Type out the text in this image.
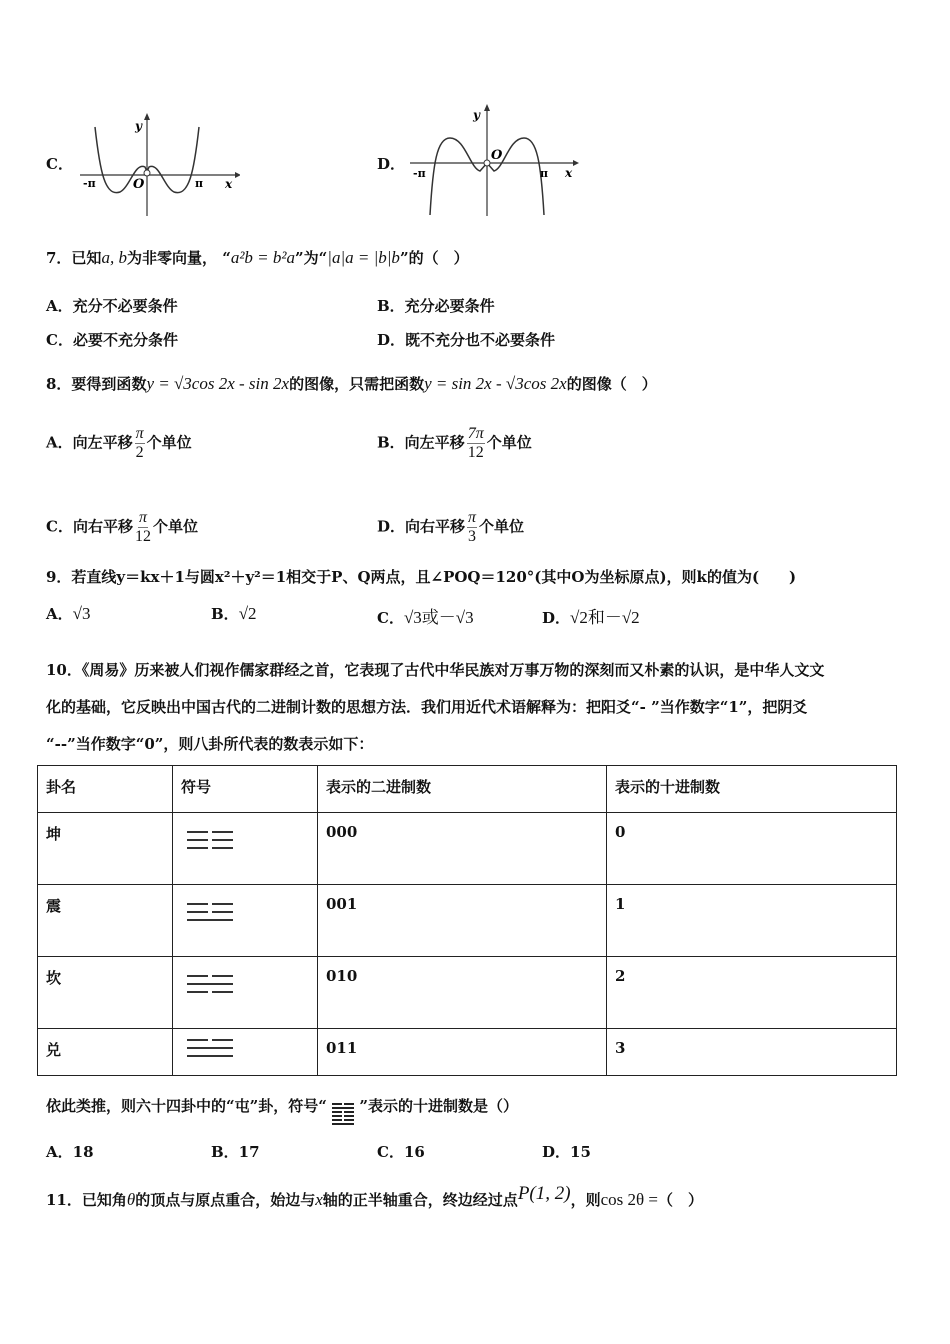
C．
y
O
-π	π x
D．
y
O
-π	π x
7．已知a, b为非零向量， “a²b = b²a”为“|a|a = |b|b”的（　）
A．充分不必要条件	B．充分必要条件
C．必要不充分条件	D．既不充分也不必要条件
8．要得到函数y = √3cos 2x - sin 2x的图像，只需把函数y = sin 2x - √3cos 2x的图像（　）
A．向左平移 $\frac{\pi}{2}$ 个单位	B．向左平移 $\frac{7\pi}{12}$ 个单位
C．向右平移 $\frac{\pi}{12}$ 个单位	D．向右平移 $\frac{\pi}{3}$ 个单位
9．若直线y＝kx＋1与圆x²＋y²＝1相交于P、Q两点，且∠POQ＝120°(其中O为坐标原点)，则k的值为(　　)
A．√3	B．√2	C．√3或－√3	D．√2和－√2
10．《周易》历来被人们视作儒家群经之首，它表现了古代中华民族对万事万物的深刻而又朴素的认识，是中华人文文
化的基础，它反映出中国古代的二进制计数的思想方法．我们用近代术语解释为：把阳爻“- ”当作数字“1”，把阴爻
“--”当作数字“0”，则八卦所代表的数表示如下：
卦名	符号	表示的二进制数	表示的十进制数
坤		000	0
震		001	1
坎		010	2
兑		011	3
依此类推，则六十四卦中的“屯”卦，符号“ ”表示的十进制数是（）
A．18	B．17	C．16	D．15
11．已知角θ的顶点与原点重合，始边与x轴的正半轴重合，终边经过点P(1, 2)，则cos 2θ =（　）
